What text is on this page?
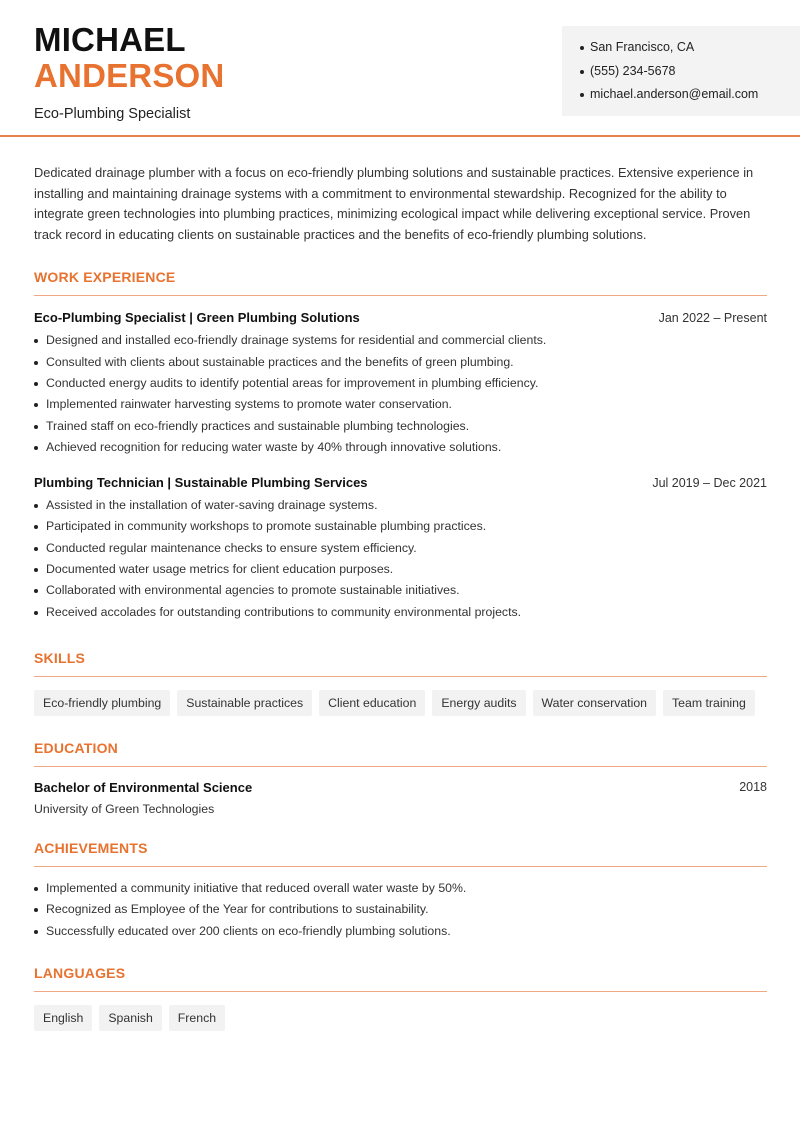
MICHAEL
ANDERSON
Eco-Plumbing Specialist
San Francisco, CA
(555) 234-5678
michael.anderson@email.com

Dedicated drainage plumber with a focus on eco-friendly plumbing solutions and sustainable practices. Extensive experience in installing and maintaining drainage systems with a commitment to environmental stewardship. Recognized for the ability to integrate green technologies into plumbing practices, minimizing ecological impact while delivering exceptional service. Proven track record in educating clients on sustainable practices and the benefits of eco-friendly plumbing solutions.

WORK EXPERIENCE
Eco-Plumbing Specialist | Green Plumbing Solutions	Jan 2022 – Present
Designed and installed eco-friendly drainage systems for residential and commercial clients.
Consulted with clients about sustainable practices and the benefits of green plumbing.
Conducted energy audits to identify potential areas for improvement in plumbing efficiency.
Implemented rainwater harvesting systems to promote water conservation.
Trained staff on eco-friendly practices and sustainable plumbing technologies.
Achieved recognition for reducing water waste by 40% through innovative solutions.
Plumbing Technician | Sustainable Plumbing Services	Jul 2019 – Dec 2021
Assisted in the installation of water-saving drainage systems.
Participated in community workshops to promote sustainable plumbing practices.
Conducted regular maintenance checks to ensure system efficiency.
Documented water usage metrics for client education purposes.
Collaborated with environmental agencies to promote sustainable initiatives.
Received accolades for outstanding contributions to community environmental projects.
SKILLS
Eco-friendly plumbing	Sustainable practices	Client education	Energy audits	Water conservation	Team training
EDUCATION
Bachelor of Environmental Science	2018
University of Green Technologies
ACHIEVEMENTS
Implemented a community initiative that reduced overall water waste by 50%.
Recognized as Employee of the Year for contributions to sustainability.
Successfully educated over 200 clients on eco-friendly plumbing solutions.
LANGUAGES
English	Spanish	French
